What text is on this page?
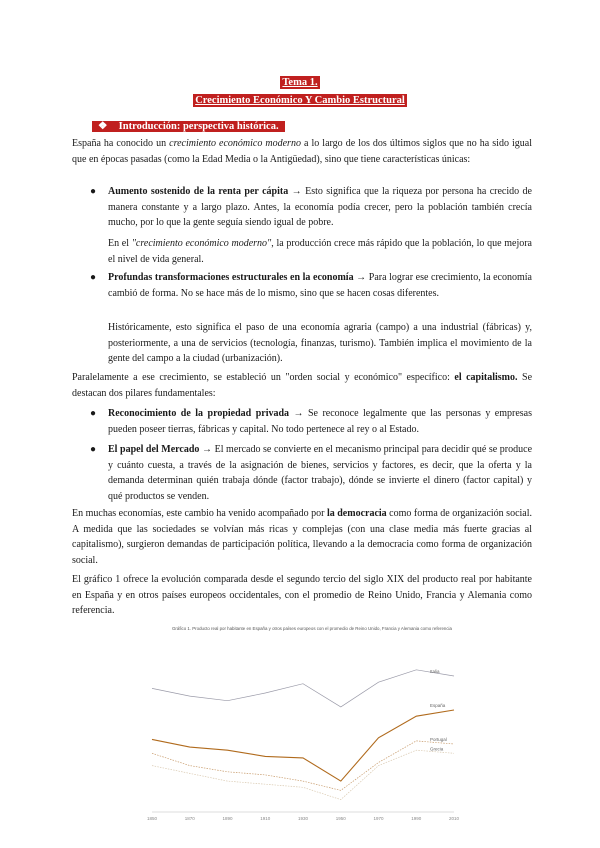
Tema 1.
Crecimiento Económico Y Cambio Estructural
❖ Introducción: perspectiva histórica.

España ha conocido un crecimiento económico moderno a lo largo de los dos últimos siglos que no ha sido igual que en épocas pasadas (como la Edad Media o la Antigüedad), sino que tiene características únicas:

● Aumento sostenido de la renta per cápita → Esto significa que la riqueza por persona ha crecido de manera constante y a largo plazo. Antes, la economía podía crecer, pero la población también crecía mucho, por lo que la gente seguía siendo igual de pobre.

En el "crecimiento económico moderno", la producción crece más rápido que la población, lo que mejora el nivel de vida general.

● Profundas transformaciones estructurales en la economía → Para lograr ese crecimiento, la economía cambió de forma. No se hace más de lo mismo, sino que se hacen cosas diferentes.

Históricamente, esto significa el paso de una economía agraria (campo) a una industrial (fábricas) y, posteriormente, a una de servicios (tecnología, finanzas, turismo). También implica el movimiento de la gente del campo a la ciudad (urbanización).

Paralelamente a ese crecimiento, se estableció un "orden social y económico" específico: el capitalismo. Se destacan dos pilares fundamentales:

● Reconocimiento de la propiedad privada → Se reconoce legalmente que las personas y empresas pueden poseer tierras, fábricas y capital. No todo pertenece al rey o al Estado.

● El papel del Mercado → El mercado se convierte en el mecanismo principal para decidir qué se produce y cuánto cuesta, a través de la asignación de bienes, servicios y factores, es decir, que la oferta y la demanda determinan quién trabaja dónde (factor trabajo), dónde se invierte el dinero (factor capital) y qué productos se venden.

En muchas economías, este cambio ha venido acompañado por la democracia como forma de organización social. A medida que las sociedades se volvían más ricas y complejas (con una clase media más fuerte gracias al capitalismo), surgieron demandas de participación política, llevando a la democracia como forma de organización social.

El gráfico 1 ofrece la evolución comparada desde el segundo tercio del siglo XIX del producto real por habitante en España y en otros países europeos occidentales, con el promedio de Reino Unido, Francia y Alemania como referencia.

Gráfico 1. Producto real por habitante en España y otros países europeos con el promedio de Reino Unido, Francia y Alemania como referencia
1850	1870	1890	1910	1930	1950	1970	1990	2010
Italia
España
Portugal
Grecia
